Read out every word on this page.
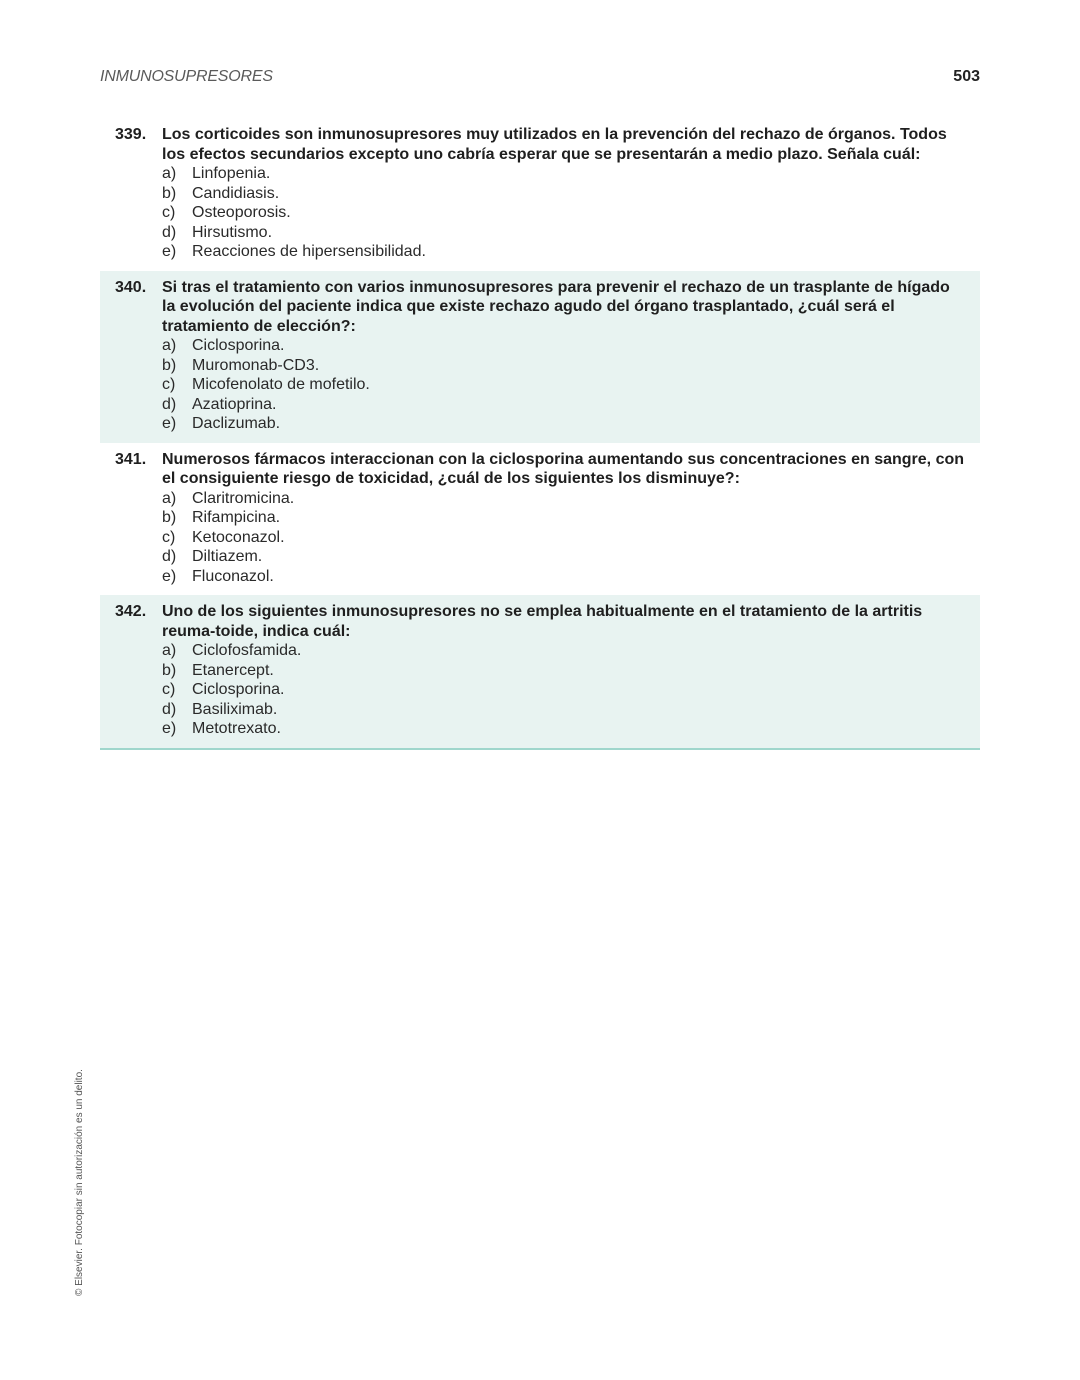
INMUNOSUPRESORES	503
339. Los corticoides son inmunosupresores muy utilizados en la prevención del rechazo de órganos. Todos los efectos secundarios excepto uno cabría esperar que se presentarán a medio plazo. Señala cuál:
a) Linfopenia.
b) Candidiasis.
c)	Osteoporosis.
d) Hirsutismo.
e) Reacciones de hipersensibilidad.
340. Si tras el tratamiento con varios inmunosupresores para prevenir el rechazo de un trasplante de hígado la evolución del paciente indica que existe rechazo agudo del órgano trasplantado, ¿cuál será el tratamiento de elección?:
a) Ciclosporina.
b) Muromonab-CD3.
c)	Micofenolato de mofetilo.
d) Azatioprina.
e) Daclizumab.
341. Numerosos fármacos interaccionan con la ciclosporina aumentando sus concentraciones en sangre, con el consiguiente riesgo de toxicidad, ¿cuál de los siguientes los disminuye?:
a) Claritromicina.
b) Rifampicina.
c)	Ketoconazol.
d) Diltiazem.
e) Fluconazol.
342. Uno de los siguientes inmunosupresores no se emplea habitualmente en el tratamiento de la artritis reuma-toide, indica cuál:
a) Ciclofosfamida.
b) Etanercept.
c)	Ciclosporina.
d) Basiliximab.
e) Metotrexato.
© Elsevier. Fotocopiar sin autorización es un delito.
